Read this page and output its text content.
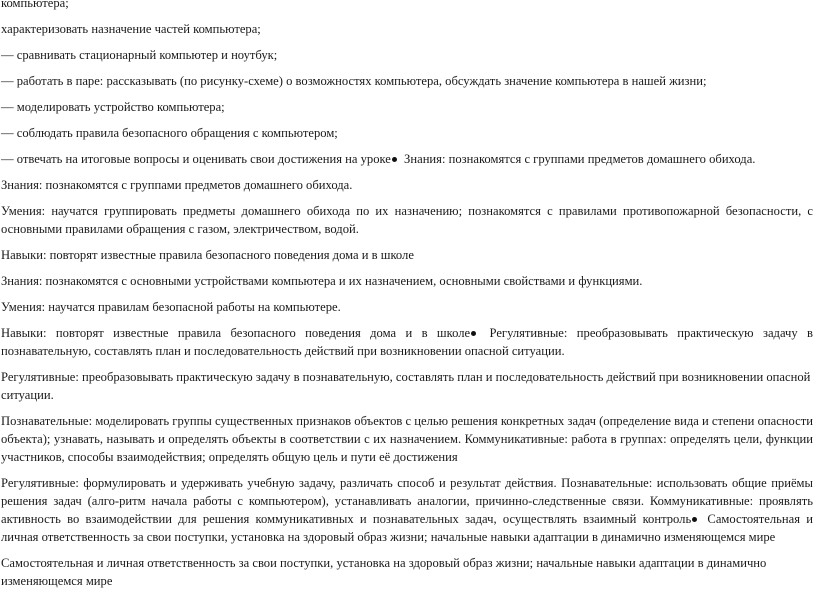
компьютера;

характеризовать назначение частей компьютера;

— сравнивать стационарный компьютер и ноутбук;

— работать в паре: рассказывать (по рисунку-схеме) о возможностях компьютера, обсуждать значение компьютера в нашей жизни;

— моделировать устройство компьютера;

— соблюдать правила безопасного обращения с компьютером;

— отвечать на итоговые вопросы и оценивать свои достижения на уроке Знания: познакомятся с группами предметов домашнего обихода.

Знания: познакомятся с группами предметов домашнего обихода.

Умения: научатся группировать предметы домашнего обихода по их назначению; познакомятся с правилами противопожарной безопасности, с основными правилами обращения с газом, электричеством, водой.

Навыки: повторят известные правила безопасного поведения дома и в школе

Знания: познакомятся с основными устройствами компьютера и их назначением, основными свойствами и функциями.

Умения: научатся правилам безопасной работы на компьютере.

Навыки: повторят известные правила безопасного поведения дома и в школе Регулятивные: преобразовывать практическую задачу в познавательную, составлять план и последовательность действий при возникновении опасной ситуации.

Регулятивные: преобразовывать практическую задачу в познавательную, составлять план и последовательность действий при возникновении опасной ситуации.

Познавательные: моделировать группы существенных признаков объектов с целью решения конкретных задач (определение вида и степени опасности объекта); узнавать, называть и определять объекты в соответствии с их назначением. Коммуникативные: работа в группах: определять цели, функции участников, способы взаимодействия; определять общую цель и пути её достижения

Регулятивные: формулировать и удерживать учебную задачу, различать способ и результат действия. Познавательные: использовать общие приёмы решения задач (алго-ритм начала работы с компьютером), устанавливать аналогии, причинно-следственные связи. Коммуникативные: проявлять активность во взаимодействии для решения коммуникативных и познавательных задач, осуществлять взаимный контроль Самостоятельная и личная ответственность за свои поступки, установка на здоровый образ жизни; начальные навыки адаптации в динамично изменяющемся мире

Самостоятельная и личная ответственность за свои поступки, установка на здоровый образ жизни; начальные навыки адаптации в динамично изменяющемся мире
